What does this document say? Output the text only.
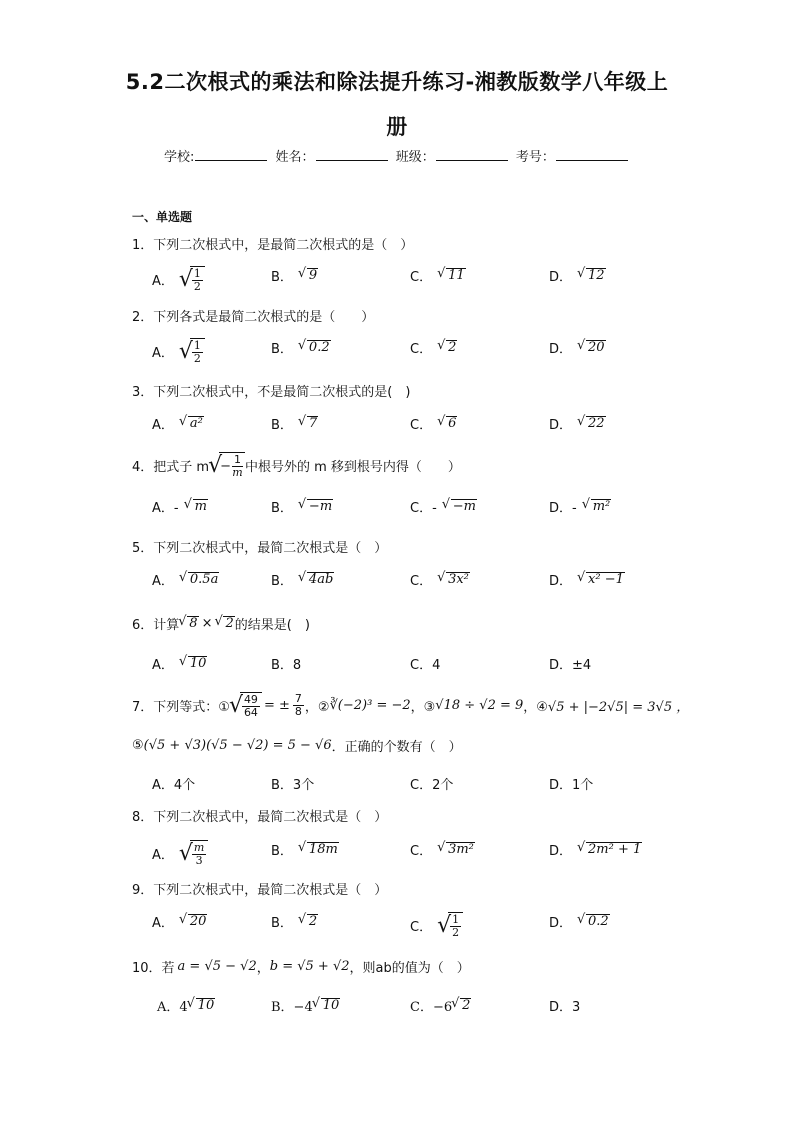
5.2二次根式的乘法和除法提升练习-湘教版数学八年级上
册
学校:	姓名：	班级：	考号：
一、单选题
1．下列二次根式中，是最简二次根式的是（　）
A． √ $\frac{1}{2}$	B． √ 9	C． √ 11	D． √ 12
2．下列各式是最简二次根式的是（　　）
A． √ $\frac{1}{2}$	B． √ 0.2	C． √ 2	D． √ 20
3．下列二次根式中，不是最简二次根式的是(　)
A． √ a²	B． √ 7	C． √ 6	D． √ 22
4．把式子 m √ − $\frac{1}{m}$ 中根号外的 m 移到根号内得（　　）
A．- √ m	B． √ −m	C．- √ −m	D．- √ m²
5．下列二次根式中，最简二次根式是（　）
A． √ 0.5a	B． √ 4ab	C． √ 3x²	D． √ x² −1
6．计算 √ 8 × √ 2 的结果是(　)
A． √ 10	B．8	C．4	D．±4
7．下列等式：① √ $\frac{49}{64}$ = ± $\frac{7}{8}$ ，② ∛(−2)³ = −2 ，③ √18 ÷ √2 = 9 ，④ √5 + |−2√5| = 3√5 ，
⑤ (√5 + √3)(√5 − √2) = 5 − √6 ．正确的个数有（　）
A．4个	B．3个	C．2个	D．1个
8．下列二次根式中，最简二次根式是（　）
A． √ $\frac{m}{3}$	B． √ 18m	C． √ 3m²	D． √ 2m² + 1
9．下列二次根式中，最简二次根式是（　）
A． √ 20	B． √ 2	C． √ $\frac{1}{2}$	D． √ 0.2
10．若 a = √5 − √2 ， b = √5 + √2 ，则ab的值为（　）
A．4 √ 10	B．−4 √ 10	C．−6 √ 2	D．3
